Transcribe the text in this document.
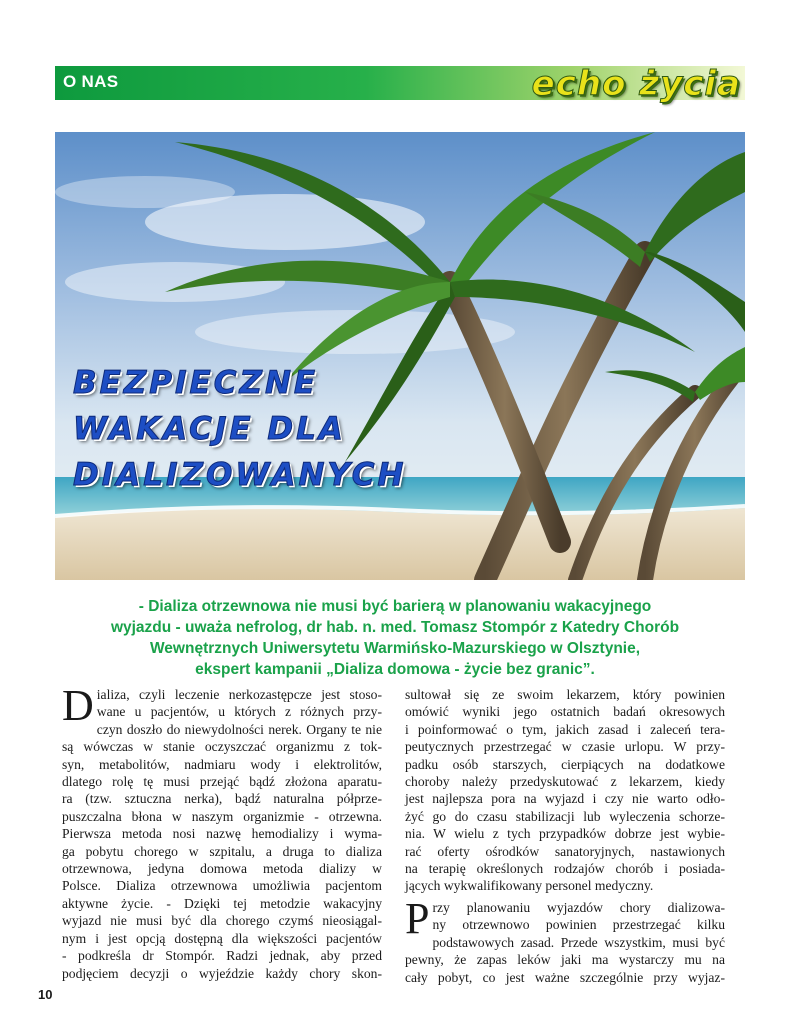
O NAS	echo życia
BEZPIECZNE
WAKACJE DLA
DIALIZOWANYCH

- Dializa otrzewnowa nie musi być barierą w planowaniu wakacyjnego
wyjazdu - uważa nefrolog, dr hab. n. med. Tomasz Stompór z Katedry Chorób
Wewnętrznych Uniwersytetu Warmińsko-Mazurskiego w Olsztynie,
ekspert kampanii „Dializa domowa - życie bez granic”.

D ializa, czyli leczenie nerkozastępcze jest stoso-
wane u pacjentów, u których z różnych przy-
czyn doszło do niewydolności nerek. Organy te nie
są wówczas w stanie oczyszczać organizmu z tok-
syn, metabolitów, nadmiaru wody i elektrolitów,
dlatego rolę tę musi przejąć bądź złożona aparatu-
ra (tzw. sztuczna nerka), bądź naturalna półprze-
puszczalna błona w naszym organizmie - otrzewna.
Pierwsza metoda nosi nazwę hemodializy i wyma-
ga pobytu chorego w szpitalu, a druga to dializa
otrzewnowa, jedyna domowa metoda dializy w
Polsce. Dializa otrzewnowa umożliwia pacjentom
aktywne życie. - Dzięki tej metodzie wakacyjny
wyjazd nie musi być dla chorego czymś nieosiągal-
nym i jest opcją dostępną dla większości pacjentów
- podkreśla dr Stompór. Radzi jednak, aby przed
podjęciem decyzji o wyjeździe każdy chory skon-
sultował się ze swoim lekarzem, który powinien
omówić wyniki jego ostatnich badań okresowych
i poinformować o tym, jakich zasad i zaleceń tera-
peutycznych przestrzegać w czasie urlopu. W przy-
padku osób starszych, cierpiących na dodatkowe
choroby należy przedyskutować z lekarzem, kiedy
jest najlepsza pora na wyjazd i czy nie warto odło-
żyć go do czasu stabilizacji lub wyleczenia schorze-
nia. W wielu z tych przypadków dobrze jest wybie-
rać oferty ośrodków sanatoryjnych, nastawionych
na terapię określonych rodzajów chorób i posiada-
jących wykwalifikowany personel medyczny.
P rzy planowaniu wyjazdów chory dializowa-
ny otrzewnowo powinien przestrzegać kilku
podstawowych zasad. Przede wszystkim, musi być
pewny, że zapas leków jaki ma wystarczy mu na
cały pobyt, co jest ważne szczególnie przy wyjaz-
10
